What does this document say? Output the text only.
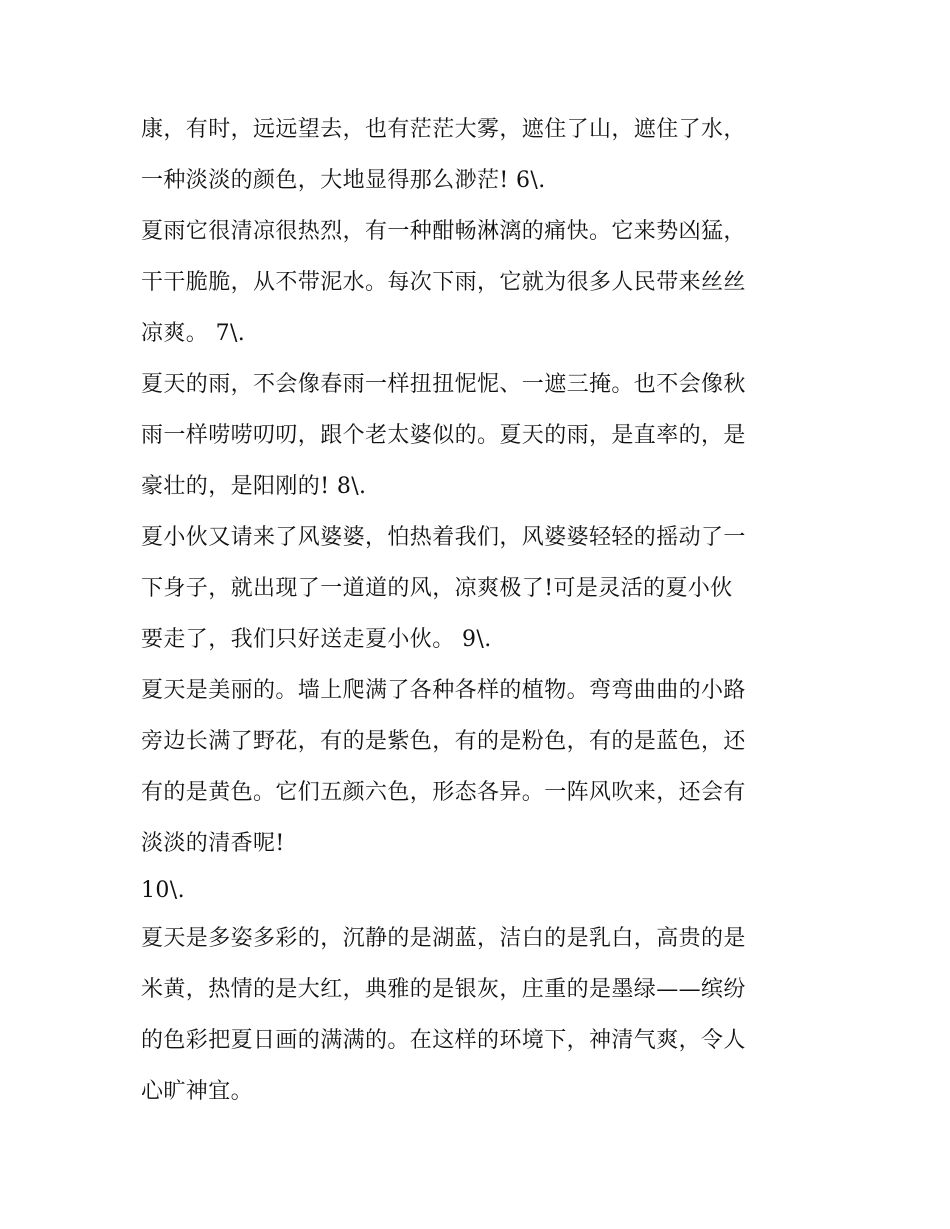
康，有时，远远望去，也有茫茫大雾，遮住了山，遮住了水，
一种淡淡的颜色，大地显得那么渺茫! 6\.
夏雨它很清凉很热烈，有一种酣畅淋漓的痛快。它来势凶猛，
干干脆脆，从不带泥水。每次下雨，它就为很多人民带来丝丝
凉爽。 7\.
夏天的雨，不会像春雨一样扭扭怩怩、一遮三掩。也不会像秋
雨一样唠唠叨叨，跟个老太婆似的。夏天的雨，是直率的，是
豪壮的，是阳刚的! 8\.
夏小伙又请来了风婆婆，怕热着我们，风婆婆轻轻的摇动了一
下身子，就出现了一道道的风，凉爽极了!可是灵活的夏小伙
要走了，我们只好送走夏小伙。 9\.
夏天是美丽的。墙上爬满了各种各样的植物。弯弯曲曲的小路
旁边长满了野花，有的是紫色，有的是粉色，有的是蓝色，还
有的是黄色。它们五颜六色，形态各异。一阵风吹来，还会有
淡淡的清香呢!
10\.
夏天是多姿多彩的，沉静的是湖蓝，洁白的是乳白，高贵的是
米黄，热情的是大红，典雅的是银灰，庄重的是墨绿——缤纷
的色彩把夏日画的满满的。在这样的环境下，神清气爽，令人
心旷神宜。
